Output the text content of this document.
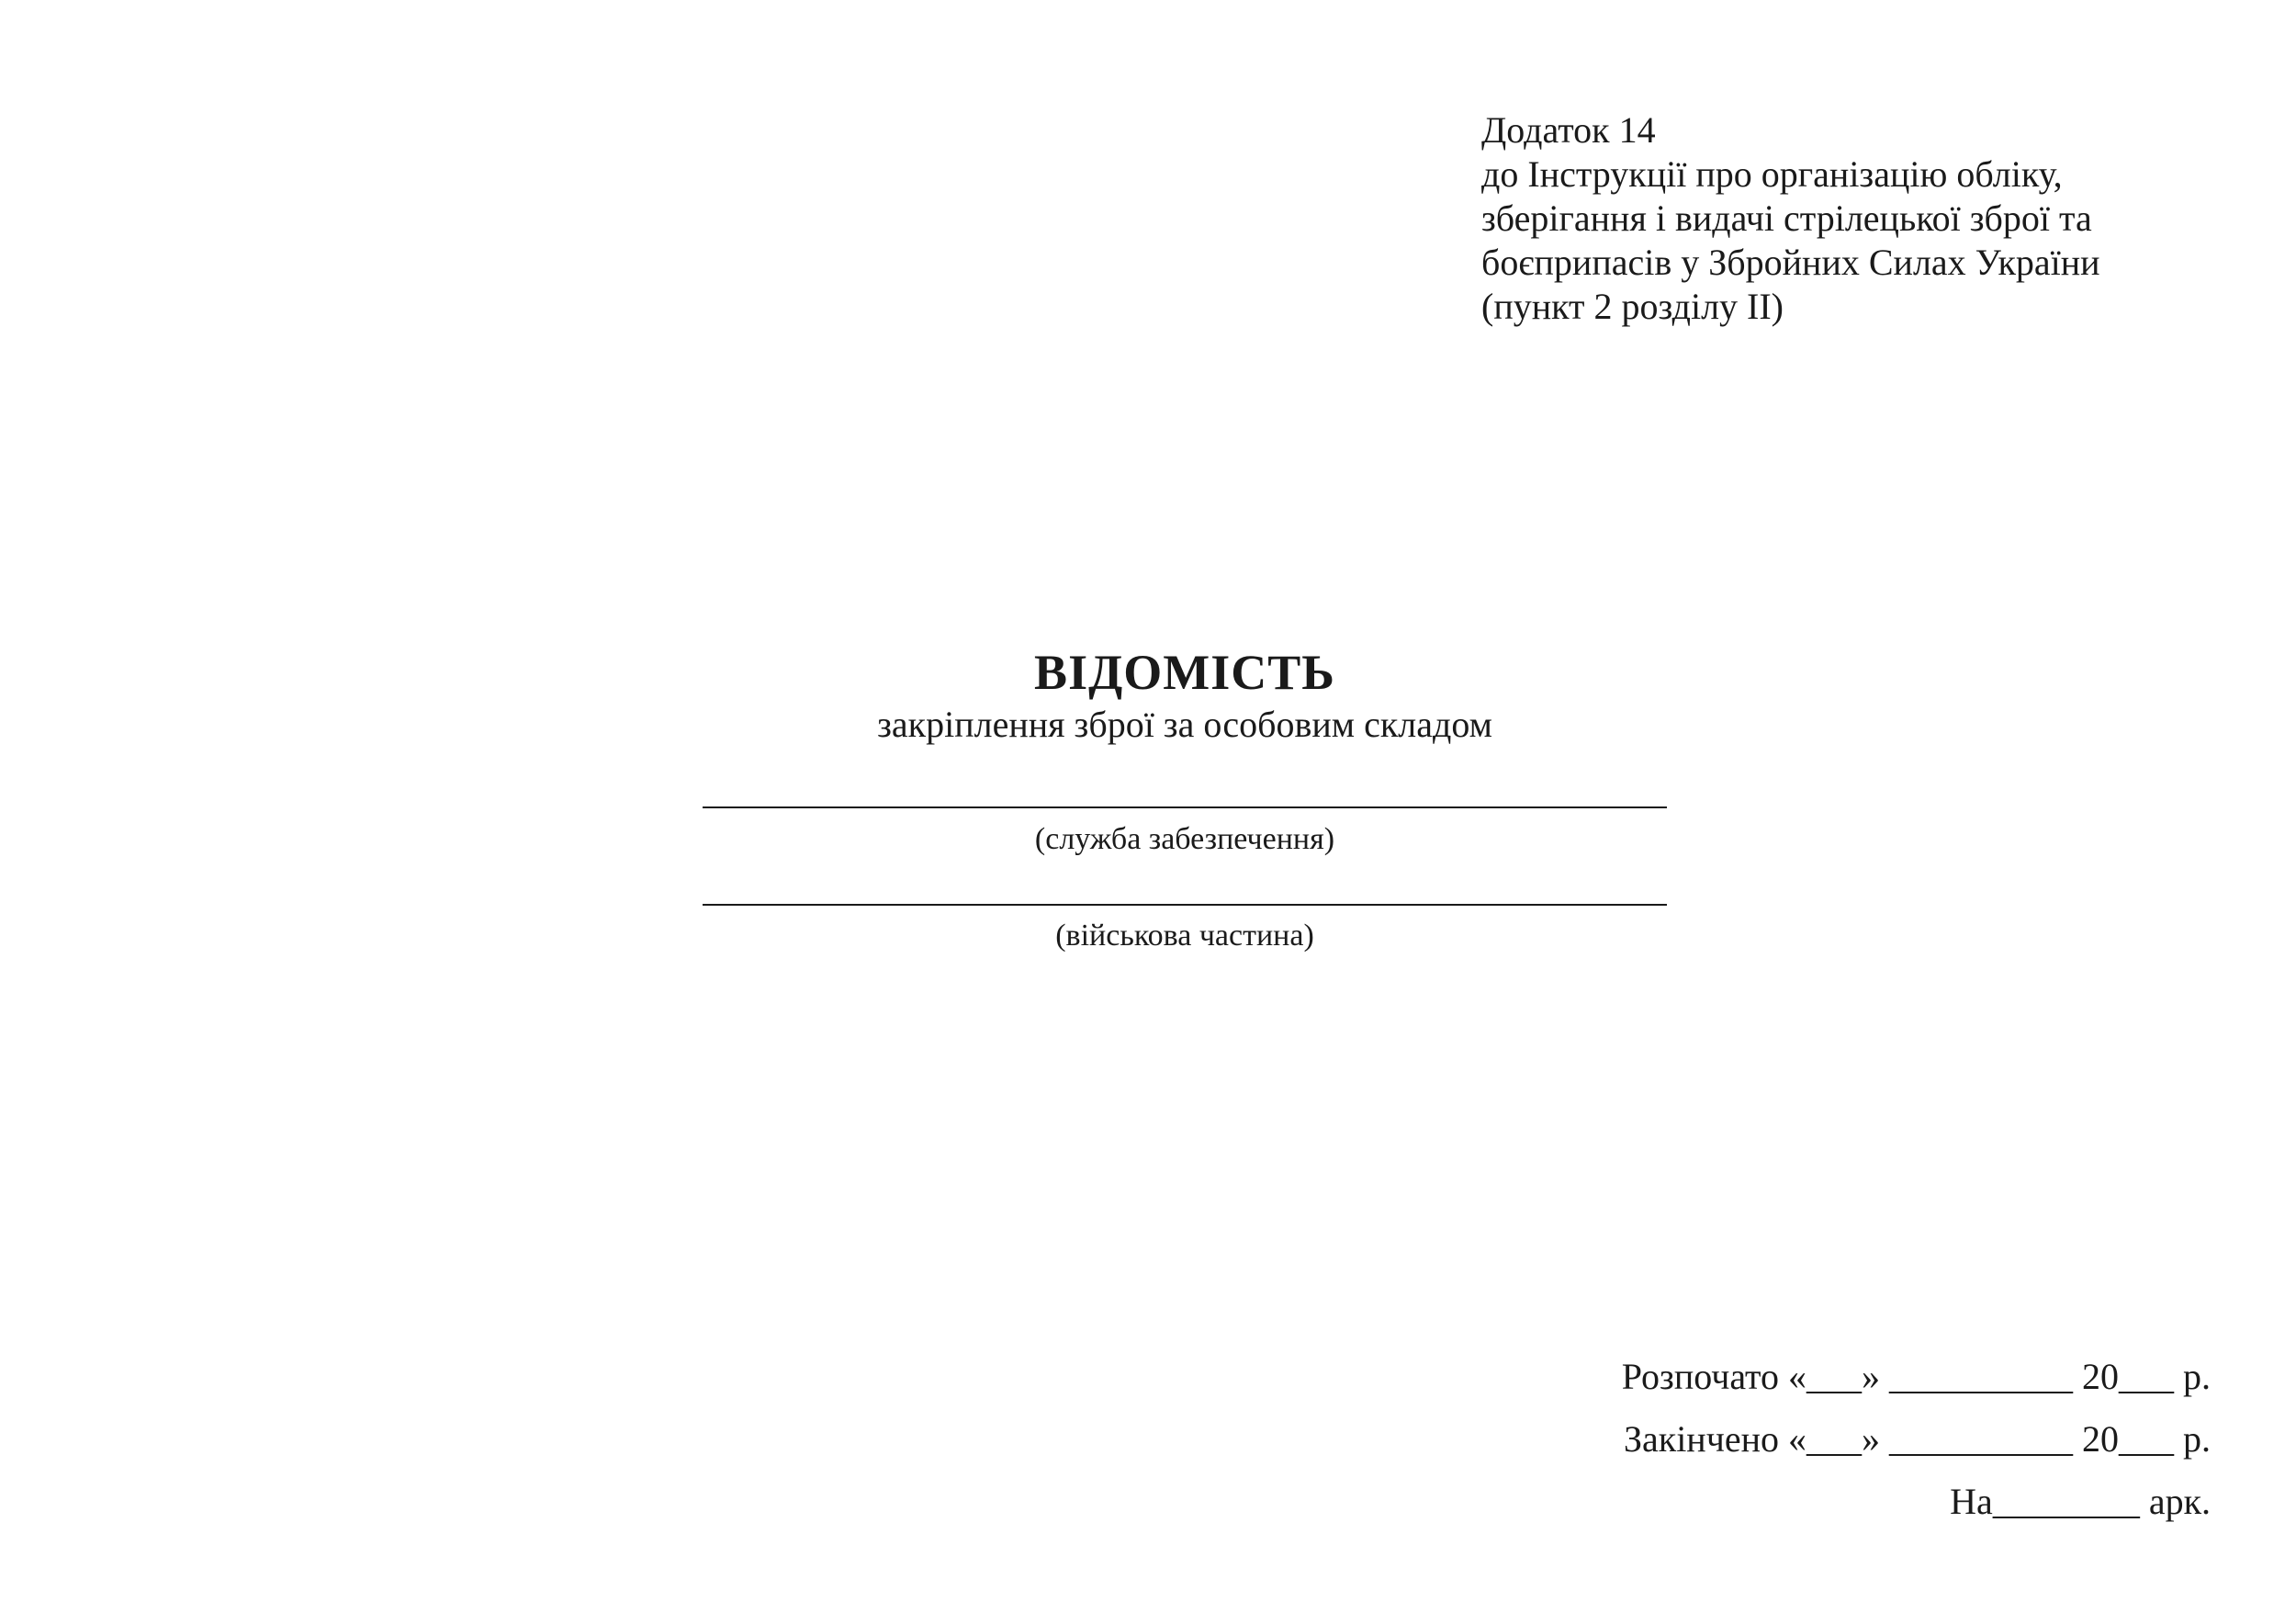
Додаток 14
до Інструкції про організацію обліку,
зберігання і видачі стрілецької зброї та
боєприпасів у Збройних Силах України
(пункт 2 розділу II)
ВІДОМІСТЬ
закріплення зброї за особовим складом
(служба забезпечення)
(військова частина)
Розпочато «___» __________ 20___ р.
Закінчено «___» __________ 20___ р.
На________ арк.
